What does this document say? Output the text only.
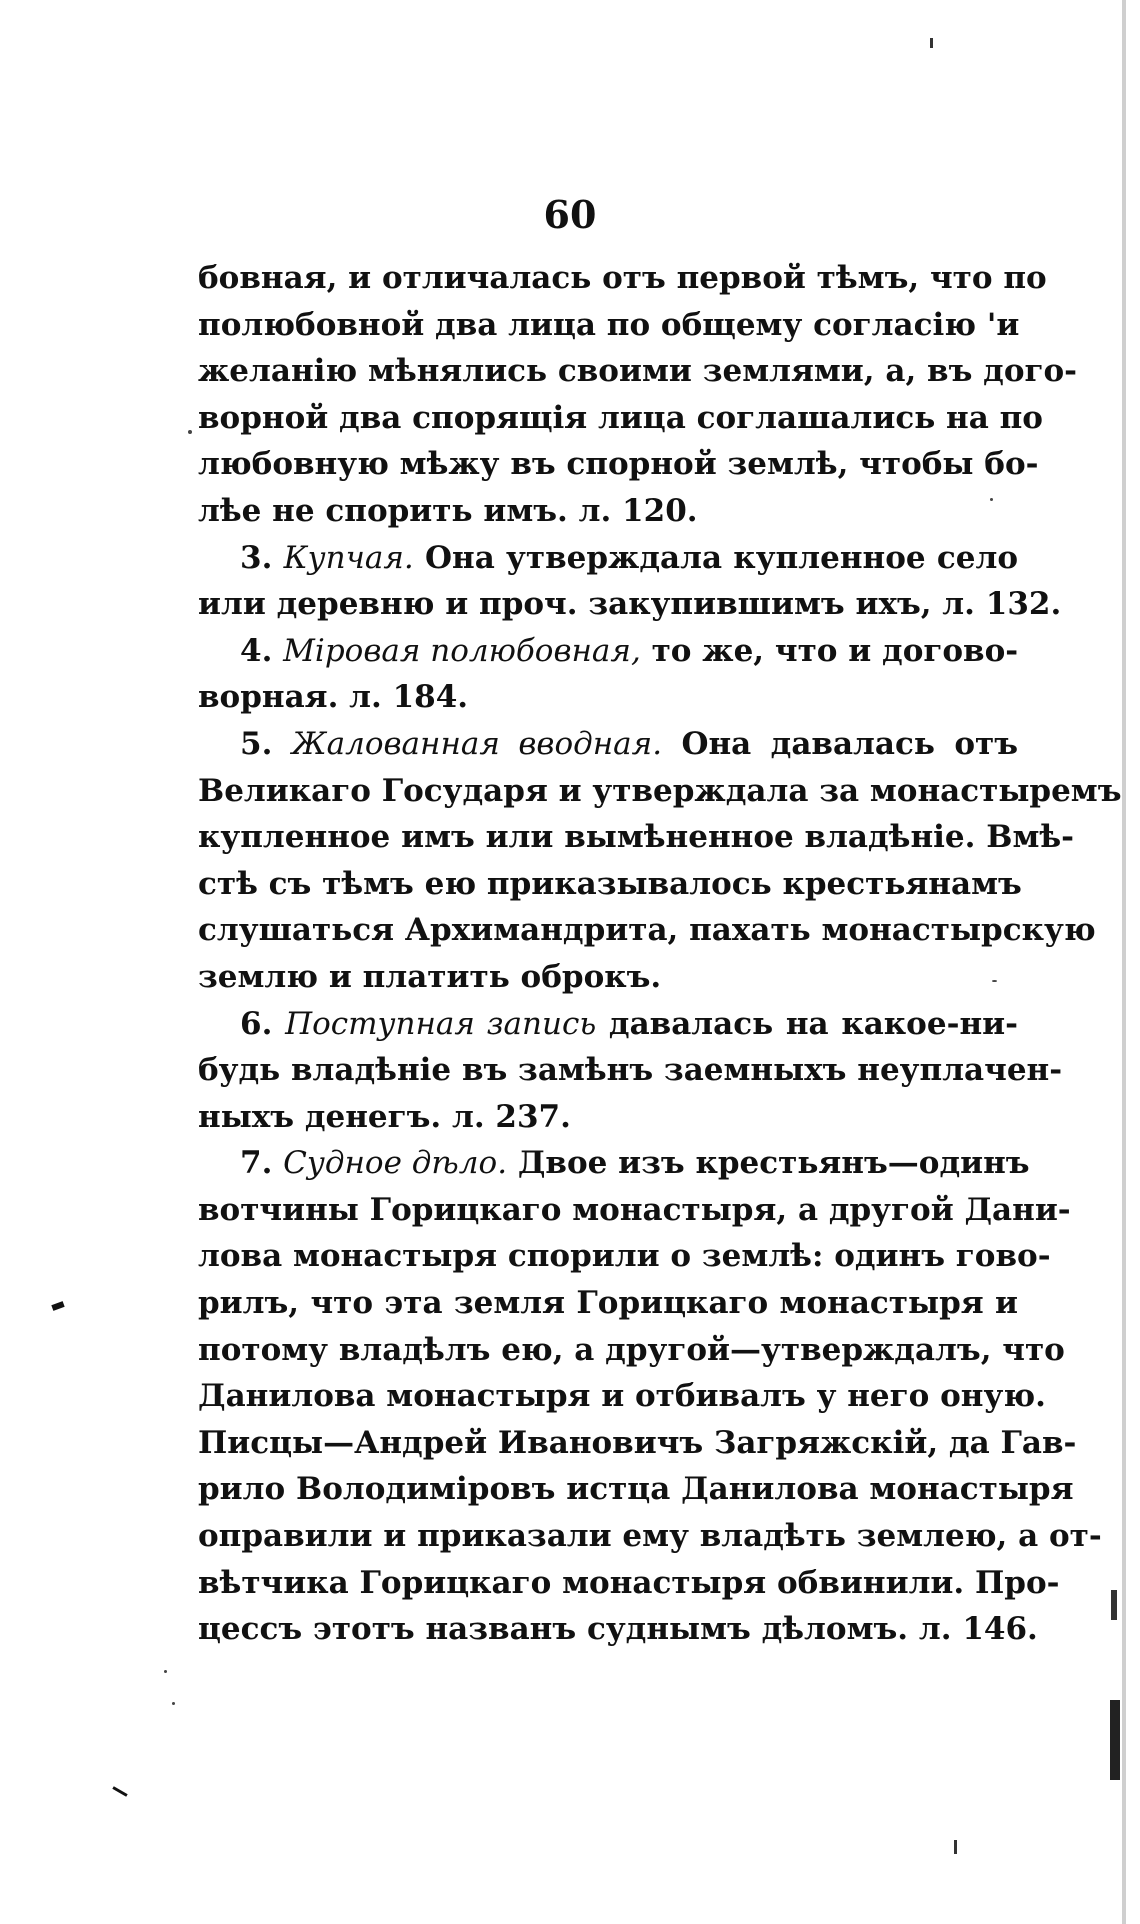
60
бовная, и отличалась отъ первой тѣмъ, что по
полюбовной два лица по общему согласію 'и
желанію мѣнялись своими землями, а, въ дого-
ворной два спорящія лица соглашались на по
любовную мѣжу въ спорной землѣ, чтобы бо-
лѣе не спорить имъ. л. 120.
3. Купчая. Она утверждала купленное село
или деревню и проч. закупившимъ ихъ, л. 132.
4. Міровая полюбовная, то же, что и догово-
ворная. л. 184.
5. Жалованная вводная. Она давалась отъ
Великаго Государя и утверждала за монастыремъ
купленное имъ или вымѣненное владѣніе. Вмѣ-
стѣ съ тѣмъ ею приказывалось крестьянамъ
слушаться Архимандрита, пахать монастырскую
землю и платить оброкъ.
6. Поступная запись давалась на какое-ни-
будь владѣніе въ замѣнъ заемныхъ неуплачен-
ныхъ денегъ. л. 237.
7. Судное дѣло. Двое изъ крестьянъ—одинъ
вотчины Горицкаго монастыря, а другой Дани-
лова монастыря спорили о землѣ: одинъ гово-
рилъ, что эта земля Горицкаго монастыря и
потому владѣлъ ею, а другой—утверждалъ, что
Данилова монастыря и отбивалъ у него оную.
Писцы—Андрей Ивановичъ Загряжскій, да Гав-
рило Володиміровъ истца Данилова монастыря
оправили и приказали ему владѣть землею, а от-
вѣтчика Горицкаго монастыря обвинили. Про-
цессъ этотъ названъ суднымъ дѣломъ. л. 146.
